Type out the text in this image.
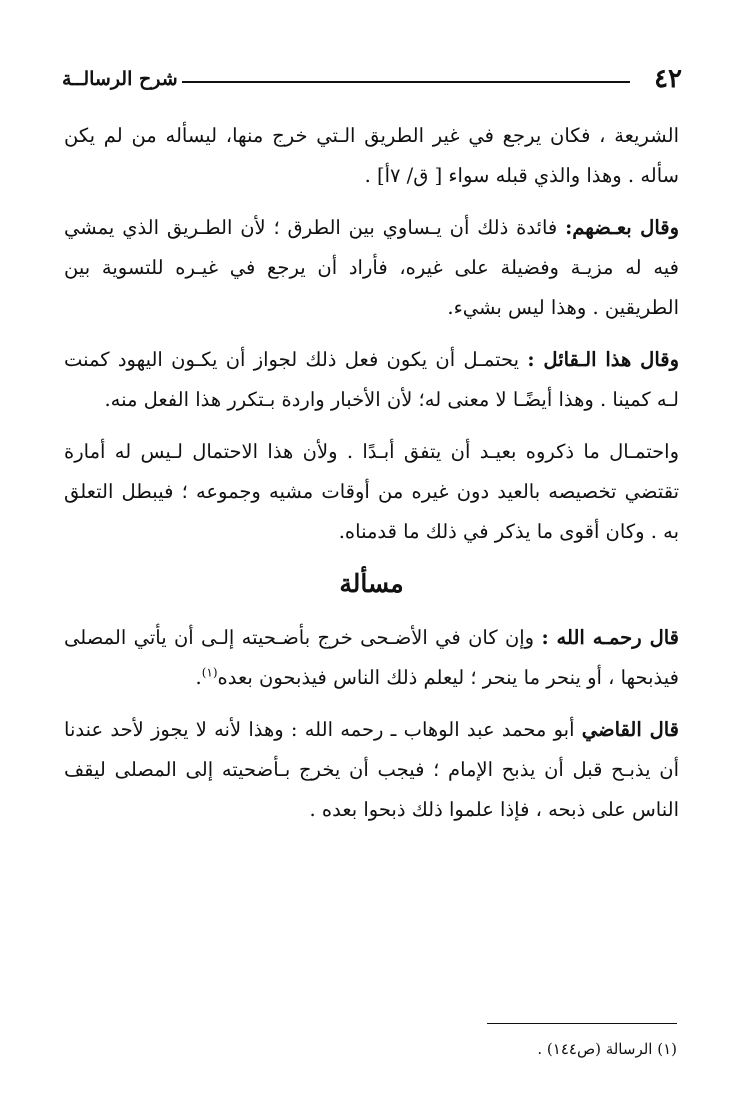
٤٢
شرح الرسالــة

الشريعة ، فكان يرجع في غير الطريق الـتي خرج منها، ليسأله من لم يكن سأله . وهذا والذي قبله سواء [ ق/ ٧أ] .

وقال بعـضهم: فائدة ذلك أن يـساوي بين الطرق ؛ لأن الطـريق الذي يمشي فيه له مزيـة وفضيلة على غيره، فأراد أن يرجع في غيـره للتسوية بين الطريقين . وهذا ليس بشيء.

وقال هذا الـقائل : يحتمـل أن يكون فعل ذلك لجواز أن يكـون اليهود كمنت لـه كمينا . وهذا أيضًـا لا معنى له؛ لأن الأخبار واردة بـتكرر هذا الفعل منه.

واحتمـال ما ذكروه بعيـد أن يتفق أبـدًا . ولأن هذا الاحتمال لـيس له أمارة تقتضي تخصيصه بالعيد دون غيره من أوقات مشيه وجموعه ؛ فيبطل التعلق به . وكان أقوى ما يذكر في ذلك ما قدمناه.

مسألة

قال رحمـه الله : وإن كان في الأضـحى خرج بأضـحيته إلـى أن يأتي المصلى فيذبحها ، أو ينحر ما ينحر ؛ ليعلم ذلك الناس فيذبحون بعده$^{(١)}$.

قال القاضي أبو محمد عبد الوهاب ـ رحمه الله : وهذا لأنه لا يجوز لأحد عندنا أن يذبـح قبل أن يذبح الإمام ؛ فيجب أن يخرج بـأضحيته إلى المصلى ليقف الناس على ذبحه ، فإذا علموا ذلك ذبحوا بعده .

(١) الرسالة (ص١٤٤) .
